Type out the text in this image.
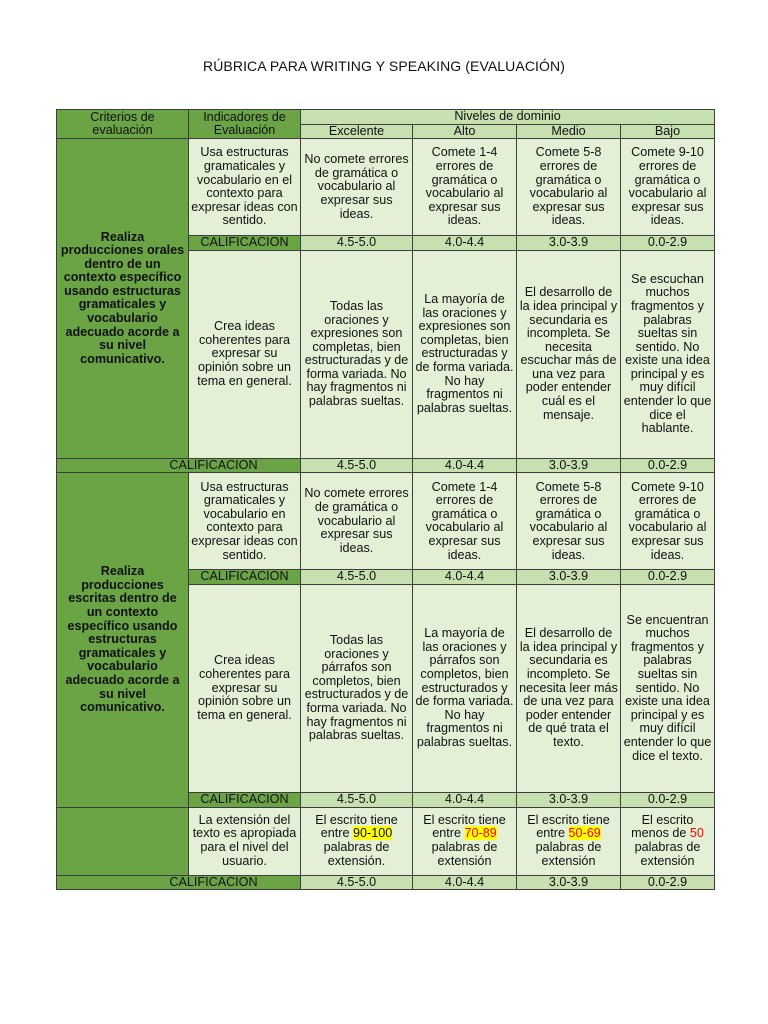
RÚBRICA PARA WRITING Y SPEAKING (EVALUACIÓN)
Criterios de evaluación	Indicadores de Evaluación	Niveles de dominio			
		Excelente	Alto	Medio	Bajo
Realiza producciones orales dentro de un contexto específico usando estructuras gramaticales y vocabulario adecuado acorde a su nivel comunicativo.	Usa estructuras gramaticales y vocabulario en el contexto para expresar ideas con sentido.	No comete errores de gramática o vocabulario al expresar sus ideas.	Comete 1-4 errores de gramática o vocabulario al expresar sus ideas.	Comete 5-8 errores de gramática o vocabulario al expresar sus ideas.	Comete 9-10 errores de gramática o vocabulario al expresar sus ideas.
	CALIFICACION	4.5-5.0	4.0-4.4	3.0-3.9	0.0-2.9
	Crea ideas coherentes para expresar su opinión sobre un tema en general.	Todas las oraciones y expresiones son completas, bien estructuradas y de forma variada. No hay fragmentos ni palabras sueltas.	La mayoría de las oraciones y expresiones son completas, bien estructuradas y de forma variada. No hay fragmentos ni palabras sueltas.	El desarrollo de la idea principal y secundaria es incompleta. Se necesita escuchar más de una vez para poder entender cuál es el mensaje.	Se escuchan muchos fragmentos y palabras sueltas sin sentido. No existe una idea principal y es muy difícil entender lo que dice el hablante.
CALIFICACION		4.5-5.0	4.0-4.4	3.0-3.9	0.0-2.9
Realiza producciones escritas dentro de un contexto específico usando estructuras gramaticales y vocabulario adecuado acorde a su nivel comunicativo.	Usa estructuras gramaticales y vocabulario en contexto para expresar ideas con sentido.	No comete errores de gramática o vocabulario al expresar sus ideas.	Comete 1-4 errores de gramática o vocabulario al expresar sus ideas.	Comete 5-8 errores de gramática o vocabulario al expresar sus ideas.	Comete 9-10 errores de gramática o vocabulario al expresar sus ideas.
	CALIFICACION	4.5-5.0	4.0-4.4	3.0-3.9	0.0-2.9
	Crea ideas coherentes para expresar su opinión sobre un tema en general.	Todas las oraciones y párrafos son completos, bien estructurados y de forma variada. No hay fragmentos ni palabras sueltas.	La mayoría de las oraciones y párrafos son completos, bien estructurados y de forma variada. No hay fragmentos ni palabras sueltas.	El desarrollo de la idea principal y secundaria es incompleto. Se necesita leer más de una vez para poder entender de qué trata el texto.	Se encuentran muchos fragmentos y palabras sueltas sin sentido. No existe una idea principal y es muy difícil entender lo que dice el texto.
	CALIFICACION	4.5-5.0	4.0-4.4	3.0-3.9	0.0-2.9
	La extensión del texto es apropiada para el nivel del usuario.	El escrito tiene entre 90-100 palabras de extensión.	El escrito tiene entre 70-89 palabras de extensión	El escrito tiene entre 50-69 palabras de extensión	El escrito menos de 50 palabras de extensión
CALIFICACION		4.5-5.0	4.0-4.4	3.0-3.9	0.0-2.9
